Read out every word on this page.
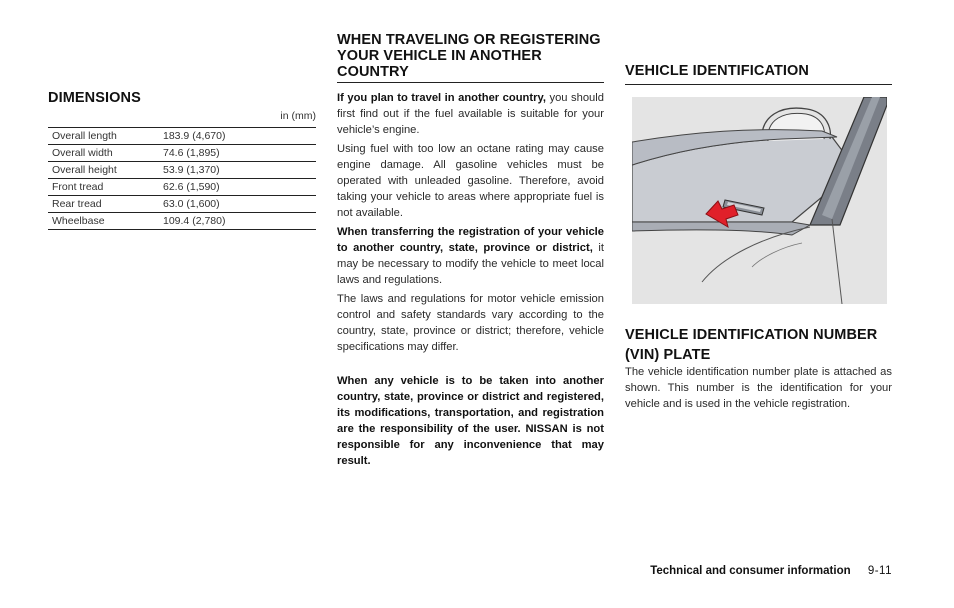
DIMENSIONS
in (mm)
Overall length	183.9 (4,670)
Overall width	74.6 (1,895)
Overall height	53.9 (1,370)
Front tread	62.6 (1,590)
Rear tread	63.0 (1,600)
Wheelbase	109.4 (2,780)
WHEN TRAVELING OR REGISTERING YOUR VEHICLE IN ANOTHER COUNTRY

If you plan to travel in another country, you should first find out if the fuel available is suitable for your vehicle’s engine.

Using fuel with too low an octane rating may cause engine damage. All gasoline vehicles must be operated with unleaded gasoline. Therefore, avoid taking your vehicle to areas where appropriate fuel is not available.

When transferring the registration of your vehicle to another country, state, province or district, it may be necessary to modify the vehicle to meet local laws and regulations.

The laws and regulations for motor vehicle emission control and safety standards vary according to the country, state, province or district; therefore, vehicle specifications may differ.

When any vehicle is to be taken into another country, state, province or district and registered, its modifications, transportation, and registration are the responsibility of the user. NISSAN is not responsible for any inconvenience that may result.

VEHICLE IDENTIFICATION
VEHICLE IDENTIFICATION NUMBER (VIN) PLATE

The vehicle identification number plate is attached as shown. This number is the identification for your vehicle and is used in the vehicle registration.

Technical and consumer information 9-11
